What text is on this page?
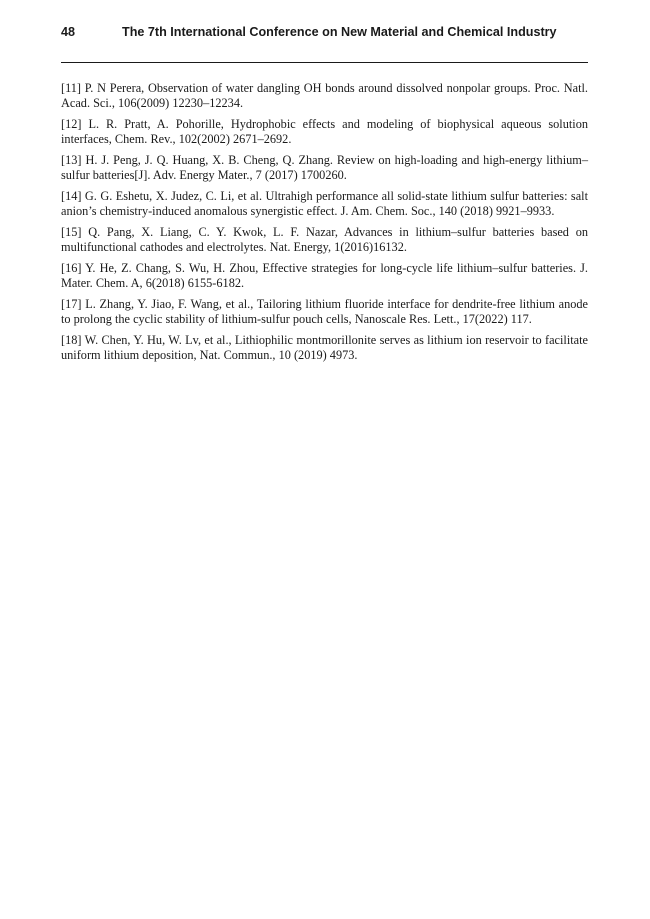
48	The 7th International Conference on New Material and Chemical Industry

[11] P. N Perera, Observation of water dangling OH bonds around dissolved nonpolar groups. Proc. Natl. Acad. Sci., 106(2009) 12230–12234.

[12] L. R. Pratt, A. Pohorille, Hydrophobic effects and modeling of biophysical aqueous solution interfaces, Chem. Rev., 102(2002) 2671–2692.

[13] H. J. Peng, J. Q. Huang, X. B. Cheng, Q. Zhang. Review on high-loading and high-energy lithium–sulfur batteries[J]. Adv. Energy Mater., 7 (2017) 1700260.

[14] G. G. Eshetu, X. Judez, C. Li, et al. Ultrahigh performance all solid-state lithium sulfur batteries: salt anion’s chemistry-induced anomalous synergistic effect. J. Am. Chem. Soc., 140 (2018) 9921–9933.

[15] Q. Pang, X. Liang, C. Y. Kwok, L. F. Nazar, Advances in lithium–sulfur batteries based on multifunctional cathodes and electrolytes. Nat. Energy, 1(2016)16132.

[16] Y. He, Z. Chang, S. Wu, H. Zhou, Effective strategies for long-cycle life lithium–sulfur batteries. J. Mater. Chem. A, 6(2018) 6155-6182.

[17] L. Zhang, Y. Jiao, F. Wang, et al., Tailoring lithium fluoride interface for dendrite-free lithium anode to prolong the cyclic stability of lithium-sulfur pouch cells, Nanoscale Res. Lett., 17(2022) 117.

[18] W. Chen, Y. Hu, W. Lv, et al., Lithiophilic montmorillonite serves as lithium ion reservoir to facilitate uniform lithium deposition, Nat. Commun., 10 (2019) 4973.
